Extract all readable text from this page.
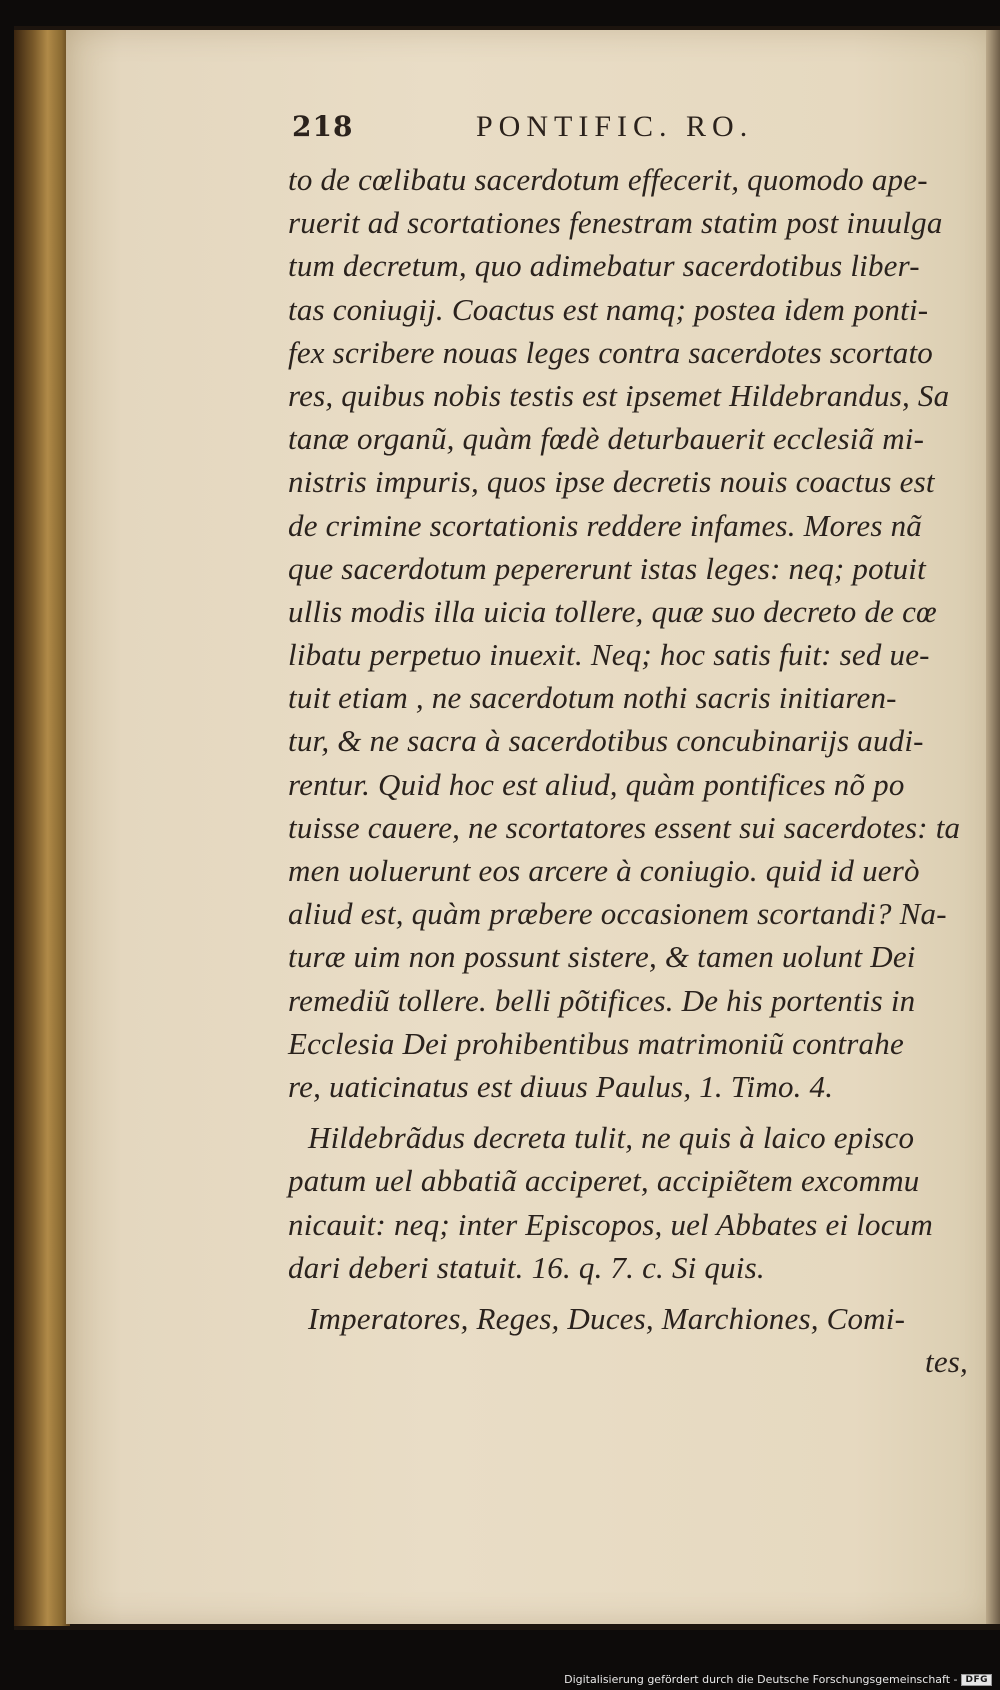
218	PONTIFIC. RO.
to de cœlibatu sacerdotum effecerit, quomodo ape-
ruerit ad scortationes fenestram statim post inuulga
tum decretum, quo adimebatur sacerdotibus liber-
tas coniugij. Coactus est namq; postea idem ponti-
fex scribere nouas leges contra sacerdotes scortato
res, quibus nobis testis est ipsemet Hildebrandus, Sa
tanæ organũ, quàm fœdè deturbauerit ecclesiã mi-
nistris impuris, quos ipse decretis nouis coactus est
de crimine scortationis reddere infames. Mores nã
que sacerdotum pepererunt istas leges: neq; potuit
ullis modis illa uicia tollere, quæ suo decreto de cœ
libatu perpetuo inuexit. Neq; hoc satis fuit: sed ue-
tuit etiam , ne sacerdotum nothi sacris initiaren-
tur, & ne sacra à sacerdotibus concubinarijs audi-
rentur. Quid hoc est aliud, quàm pontifices nõ po
tuisse cauere, ne scortatores essent sui sacerdotes: ta
men uoluerunt eos arcere à coniugio. quid id uerò
aliud est, quàm præbere occasionem scortandi? Na-
turæ uim non possunt sistere, & tamen uolunt Dei
remediũ tollere. belli põtifices. De his portentis in
Ecclesia Dei prohibentibus matrimoniũ contrahe
re, uaticinatus est diuus Paulus, 1. Timo. 4.
Hildebrãdus decreta tulit, ne quis à laico episco
patum uel abbatiã acciperet, accipiẽtem excommu
nicauit: neq; inter Episcopos, uel Abbates ei locum
dari deberi statuit. 16. q. 7. c. Si quis.
Imperatores, Reges, Duces, Marchiones, Comi-
tes,
Digitalisierung gefördert durch die Deutsche Forschungsgemeinschaft - DFG
